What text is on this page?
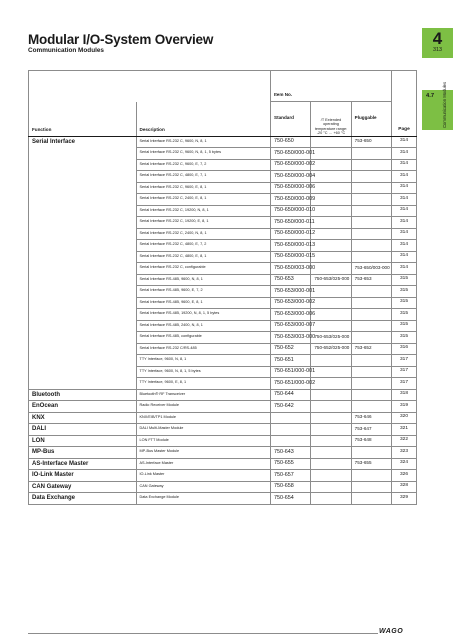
Modular I/O-System Overview
Communication Modules
4
313
4.7 Communication Modules
		Item No.			
Function	Description	Standard	/T Extended operating temperature range: -20 °C … +60 °C	Pluggable	Page
Serial Interface	Serial Interface RS-232 C, 9600, N, 8, 1	750-650		753-650	314
	Serial Interface RS-232 C, 9600, N, 8, 1, 5 bytes	750-650/000-001			314
	Serial Interface RS-232 C, 9600, E, 7, 2	750-650/000-002			314
	Serial Interface RS-232 C, 4800, E, 7, 1	750-650/000-004			314
	Serial Interface RS-232 C, 9600, E, 8, 1	750-650/000-006			314
	Serial Interface RS-232 C, 2400, E, 8, 1	750-650/000-009			314
	Serial Interface RS-232 C, 19200, N, 8, 1	750-650/000-010			314
	Serial Interface RS-232 C, 19200, E, 8, 1	750-650/000-011			314
	Serial Interface RS-232 C, 2400, N, 8, 1	750-650/000-012			314
	Serial Interface RS-232 C, 4800, E, 7, 2	750-650/000-013			314
	Serial Interface RS-232 C, 4800, E, 8, 1	750-650/000-015			314
	Serial Interface RS-232 C, configurable	750-650/003-000		753-650/003-000	314
	Serial Interface RS-485, 9600, N, 8, 1	750-653	750-653/025-000	753-653	315
	Serial Interface RS-485, 9600, E, 7, 2	750-653/000-001			315
	Serial Interface RS-485, 9600, E, 8, 1	750-653/000-002			315
	Serial Interface RS-485, 19200, N, 8, 1, 5 bytes	750-653/000-006			315
	Serial Interface RS-485, 2400, N, 8, 1	750-653/000-007			315
	Serial Interface RS-485, configurable	750-653/003-000	750-653/025-000		315
	Serial Interface RS-232 C/RS-485	750-652	750-652/025-000	753-652	316
	TTY Interface, 9600, N, 8, 1	750-651			317
	TTY Interface, 9600, N, 8, 1, 5 bytes	750-651/000-001			317
	TTY Interface, 9600, E, 8, 1	750-651/000-002			317
Bluetooth	Bluetooth® RF Transceiver	750-644			318
EnOcean	Radio Receiver Module	750-642			319
KNX	KNX/EIB/TP1 Module			753-646	320
DALI	DALI Multi-Master Module			753-647	321
LON	LON FTT Module			753-648	322
MP-Bus	MP-Bus Master Module	750-643			323
AS-Interface Master	AS-Interface Master	750-655		753-655	324
IO-Link Master	IO-Link Master	750-657			326
CAN Gateway	CAN Gateway	750-658			328
Data Exchange	Data Exchange Module	750-654			329
WAGO
